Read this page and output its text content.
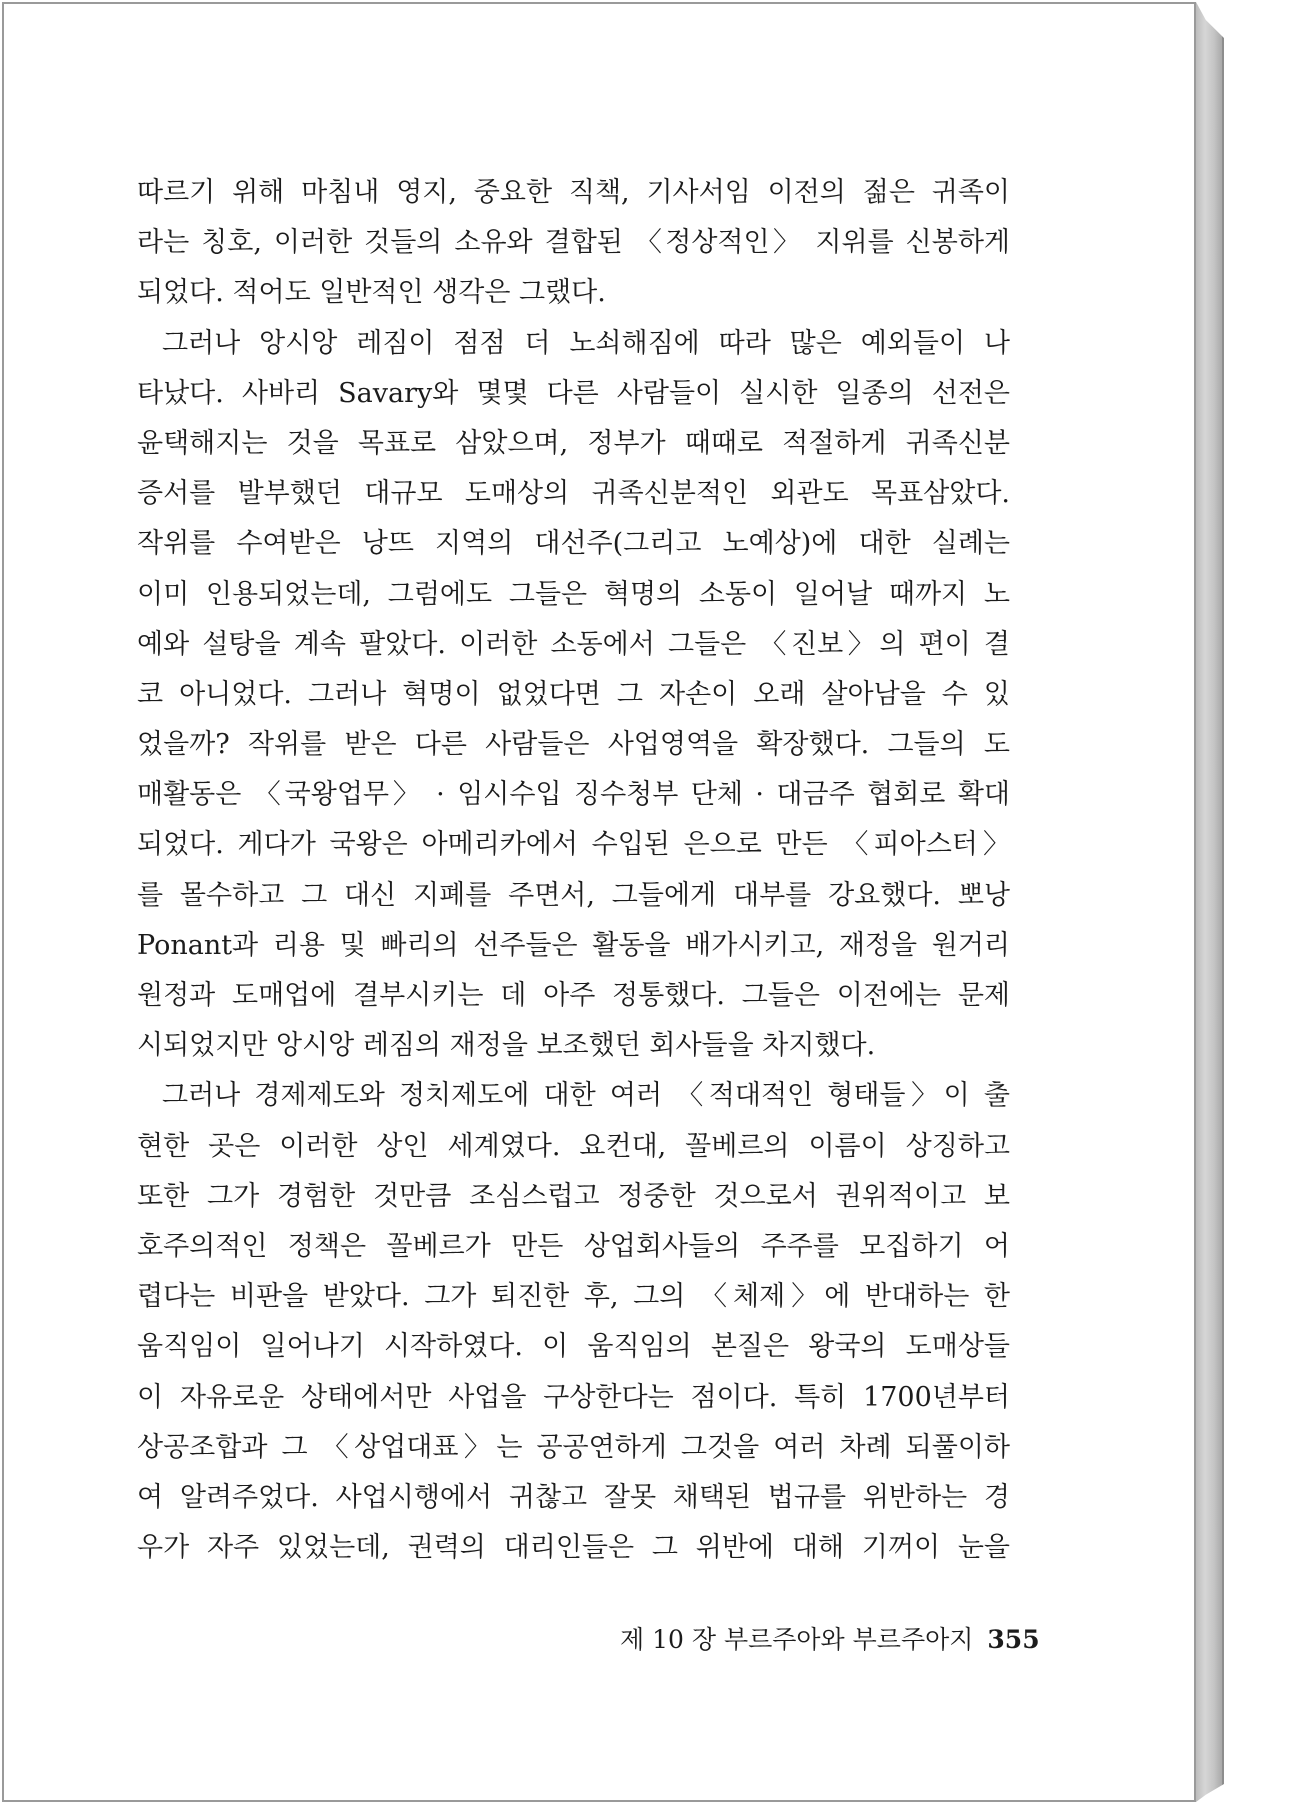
따르기 위해 마침내 영지, 중요한 직책, 기사서임 이전의 젊은 귀족이
라는 칭호, 이러한 것들의 소유와 결합된 〈정상적인〉 지위를 신봉하게
되었다. 적어도 일반적인 생각은 그랬다.
그러나 앙시앙 레짐이 점점 더 노쇠해짐에 따라 많은 예외들이 나
타났다. 사바리 Savary와 몇몇 다른 사람들이 실시한 일종의 선전은
윤택해지는 것을 목표로 삼았으며, 정부가 때때로 적절하게 귀족신분
증서를 발부했던 대규모 도매상의 귀족신분적인 외관도 목표삼았다.
작위를 수여받은 낭뜨 지역의 대선주(그리고 노예상)에 대한 실례는
이미 인용되었는데, 그럼에도 그들은 혁명의 소동이 일어날 때까지 노
예와 설탕을 계속 팔았다. 이러한 소동에서 그들은 〈진보〉의 편이 결
코 아니었다. 그러나 혁명이 없었다면 그 자손이 오래 살아남을 수 있
었을까? 작위를 받은 다른 사람들은 사업영역을 확장했다. 그들의 도
매활동은 〈국왕업무〉 · 임시수입 징수청부 단체 · 대금주 협회로 확대
되었다. 게다가 국왕은 아메리카에서 수입된 은으로 만든 〈피아스터〉
를 몰수하고 그 대신 지폐를 주면서, 그들에게 대부를 강요했다. 뽀낭
Ponant과 리용 및 빠리의 선주들은 활동을 배가시키고, 재정을 원거리
원정과 도매업에 결부시키는 데 아주 정통했다. 그들은 이전에는 문제
시되었지만 앙시앙 레짐의 재정을 보조했던 회사들을 차지했다.
그러나 경제제도와 정치제도에 대한 여러 〈적대적인 형태들〉이 출
현한 곳은 이러한 상인 세계였다. 요컨대, 꼴베르의 이름이 상징하고
또한 그가 경험한 것만큼 조심스럽고 정중한 것으로서 권위적이고 보
호주의적인 정책은 꼴베르가 만든 상업회사들의 주주를 모집하기 어
렵다는 비판을 받았다. 그가 퇴진한 후, 그의 〈체제〉에 반대하는 한
움직임이 일어나기 시작하였다. 이 움직임의 본질은 왕국의 도매상들
이 자유로운 상태에서만 사업을 구상한다는 점이다. 특히 1700년부터
상공조합과 그 〈상업대표〉는 공공연하게 그것을 여러 차례 되풀이하
여 알려주었다. 사업시행에서 귀찮고 잘못 채택된 법규를 위반하는 경
우가 자주 있었는데, 권력의 대리인들은 그 위반에 대해 기꺼이 눈을
제 10 장 부르주아와 부르주아지 355
